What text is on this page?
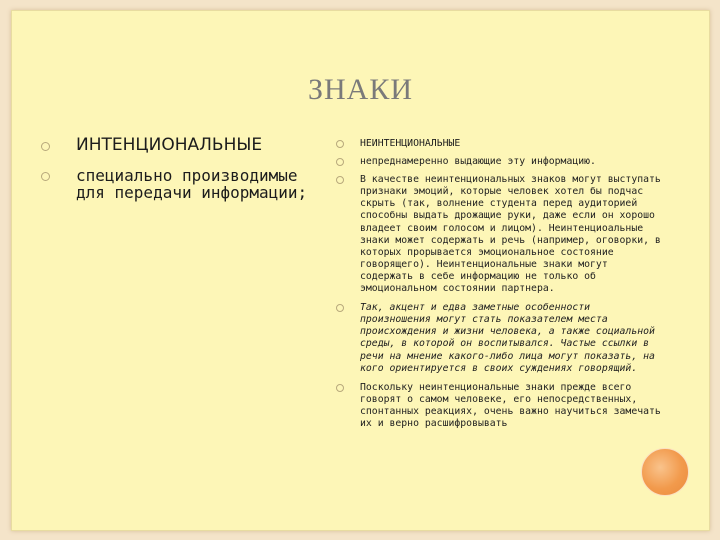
ЗНАКИ
ИНТЕНЦИОНАЛЬНЫЕ
специально производимые для передачи информации;
НЕИНТЕНЦИОНАЛЬНЫЕ
непреднамеренно выдающие эту информацию.
В качестве неинтенциональных знаков могут выступать признаки эмоций, которые человек хотел бы подчас скрыть (так, волнение студента перед аудиторией способны выдать дрожащие руки, даже если он хорошо владеет своим голосом и лицом). Неинтенциоальные знаки может содержать и речь (например, оговорки, в которых прорывается эмоциональное состояние говорящего). Неинтенциональные знаки могут содержать в себе информацию не только об эмоциональном состоянии партнера.
Так, акцент и едва заметные особенности произношения могут стать показателем места происхождения и жизни человека, а также социальной среды, в которой он воспитывался. Частые ссылки в речи на мнение какого-либо лица могут показать, на кого ориентируется в своих суждениях говорящий.
Поскольку неинтенциональные знаки прежде всего говорят о самом человеке, его непосредственных, спонтанных реакциях, очень важно научиться замечать их и верно расшифровывать
